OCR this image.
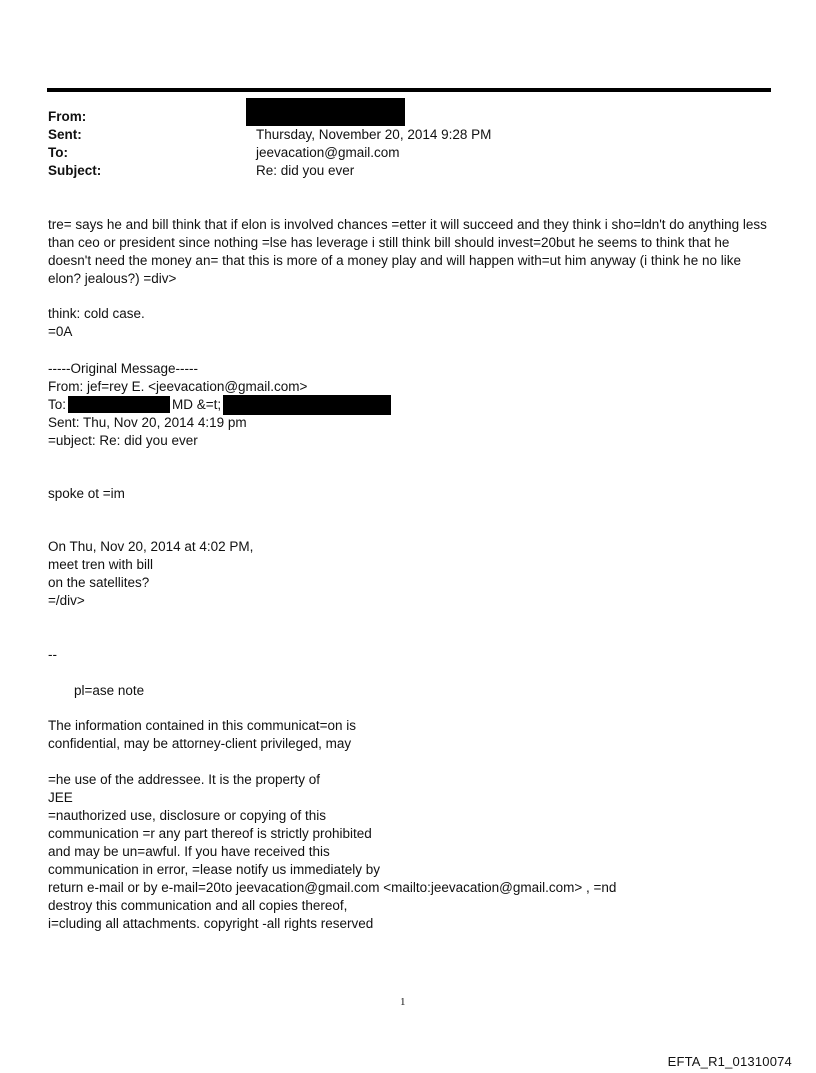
From:
Sent:
To:
Subject:
Thursday, November 20, 2014 9:28 PM
jeevacation@gmail.com
Re: did you ever
tre= says he and bill think that if elon is involved chances =etter it will succeed and they think i sho=ldn't do anything less
than ceo or president since nothing =lse has leverage i still think bill should invest=20but he seems to think that he
doesn't need the money an= that this is more of a money play and will happen with=ut him anyway (i think he no like
elon? jealous?) =div>
think: cold case.
=0A
-----Original Message-----
From: jef=rey E. <jeevacation@gmail.com>
To:	MD &=t;
Sent: Thu, Nov 20, 2014 4:19 pm
=ubject: Re: did you ever
spoke ot =im
On Thu, Nov 20, 2014 at 4:02 PM,
meet tren with bill
on the satellites?
=/div>
--
pl=ase note
The information contained in this communicat=on is
confidential, may be attorney-client privileged, may
=he use of the addressee. It is the property of
JEE
=nauthorized use, disclosure or copying of this
communication =r any part thereof is strictly prohibited
and may be un=awful. If you have received this
communication in error, =lease notify us immediately by
return e-mail or by e-mail=20to jeevacation@gmail.com <mailto:jeevacation@gmail.com> , =nd
destroy this communication and all copies thereof,
i=cluding all attachments. copyright -all rights reserved
1
EFTA_R1_01310074
